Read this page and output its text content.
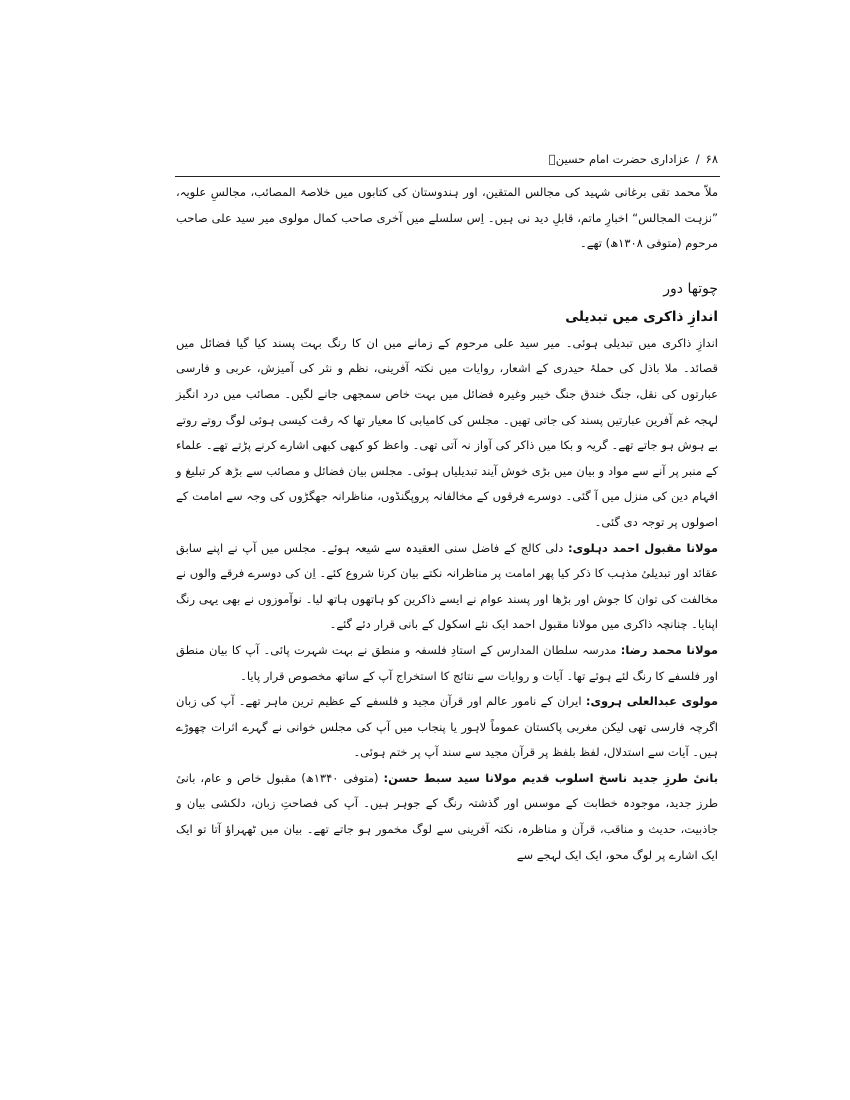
۶۸/عزاداری حضرت امام حسینؑ

ملاّ محمد تقی برغانی شہید کی مجالس المتقین، اور ہندوستان کی کتابوں میں خلاصۃ المصائب، مجالسِ علویہ، ”نزہت المجالس“ اخبارِ ماتم، قابلِ دید نی ہیں۔ اِس سلسلے میں آخری صاحب کمال مولوی میر سید علی صاحب مرحوم (متوفی ۱۳۰۸ھ) تھے۔

چوتھا دور
اندازِ ذاکری میں تبدیلی

اندازِ ذاکری میں تبدیلی ہوئی۔ میر سید علی مرحوم کے زمانے میں ان کا رنگ بہت پسند کیا گیا فضائل میں قصائد۔ ملا باذل کی حملۂ حیدری کے اشعار، روایات میں نکتہ آفرینی، نظم و نثر کی آمیزش، عربی و فارسی عبارتوں کی نقل، جنگ خندق جنگ خیبر وغیرہ فضائل میں بہت خاص سمجھی جانے لگیں۔ مصائب میں درد انگیز لہجہ غم آفرین عبارتیں پسند کی جاتی تھیں۔ مجلس کی کامیابی کا معیار تھا کہ رقت کیسی ہوئی لوگ روتے روتے بے ہوش ہو جاتے تھے۔ گریہ و بکا میں ذاکر کی آواز نہ آتی تھی۔ واعظ کو کبھی کبھی اشارے کرنے پڑتے تھے۔ علماء کے منبر پر آنے سے مواد و بیان میں بڑی خوش آیند تبدیلیاں ہوئی۔ مجلس بیان فضائل و مصائب سے بڑھ کر تبلیغ و افہام دین کی منزل میں آ گئی۔ دوسرے فرقوں کے مخالفانہ پروپگنڈوں، مناظرانہ جھگڑوں کی وجہ سے امامت کے اصولوں پر توجہ دی گئی۔

مولانا مقبول احمد دہلوی: دلی کالج کے فاضل سنی العقیدہ سے شیعہ ہوئے۔ مجلس میں آپ نے اپنے سابق عقائد اور تبدیلیٔ مذہب کا ذکر کیا پھر امامت پر مناظرانہ نکتے بیان کرنا شروع کئے۔ اِن کی دوسرے فرقے والوں نے مخالفت کی توان کا جوش اور بڑھا اور پسند عوام نے ایسے ذاکرین کو ہاتھوں ہاتھ لیا۔ نوآموزوں نے بھی یہی رنگ اپنایا۔ چنانچہ ذاکری میں مولانا مقبول احمد ایک نئے اسکول کے بانی قرار دئے گئے۔

مولانا محمد رضا: مدرسہ سلطان المدارس کے استادِ فلسفہ و منطق نے بہت شہرت پائی۔ آپ کا بیان منطق اور فلسفے کا رنگ لئے ہوئے تھا۔ آیات و روایات سے نتائج کا استخراج آپ کے ساتھ مخصوص قرار پایا۔

مولوی عبدالعلی ہروی: ایران کے نامور عالم اور قرآن مجید و فلسفے کے عظیم ترین ماہر تھے۔ آپ کی زبان اگرچہ فارسی تھی لیکن مغربی پاکستان عموماً لاہور یا پنجاب میں آپ کی مجلس خوانی نے گہرے اثرات چھوڑے ہیں۔ آیات سے استدلال، لفظ بلفظ پر قرآن مجید سے سند آپ پر ختم ہوئی۔

بانیٔ طرزِ جدید ناسخ اسلوب قدیم مولانا سید سبط حسن: (متوفی ۱۳۴۰ھ) مقبول خاص و عام، بانیٔ طرز جدید، موجودہ خطابت کے موسس اور گذشتہ رنگ کے جوہر ہیں۔ آپ کی فصاحتِ زبان، دلکشی بیان و جاذبیت، حدیث و مناقب، قرآن و مناظرہ، نکتہ آفرینی سے لوگ مخمور ہو جاتے تھے۔ بیان میں ٹھہراؤ آتا تو ایک ایک اشارے پر لوگ محو، ایک ایک لہجے سے
